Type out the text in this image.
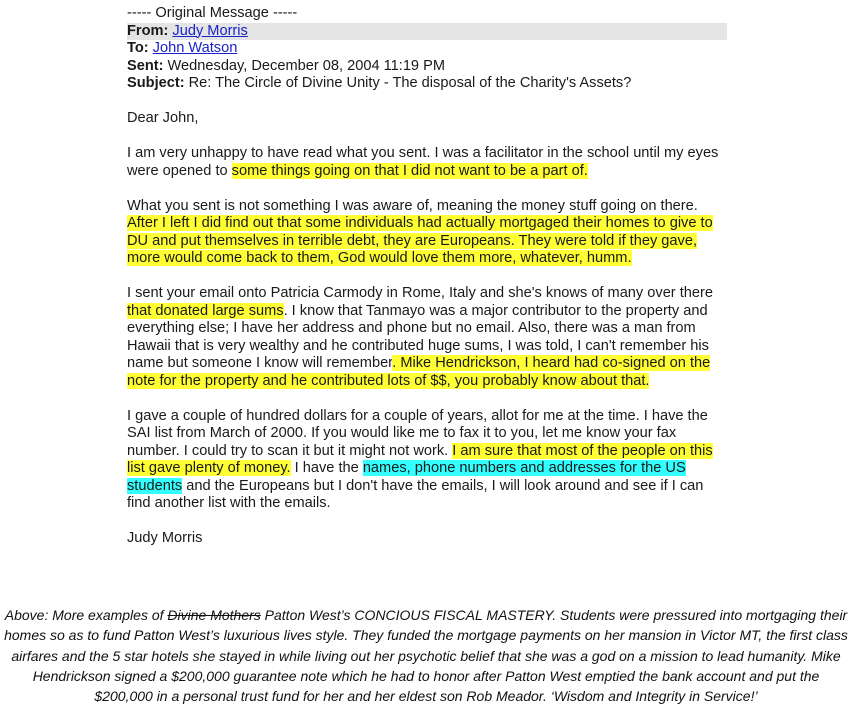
----- Original Message -----
From: Judy Morris
To: John Watson
Sent: Wednesday, December 08, 2004 11:19 PM
Subject: Re: The Circle of Divine Unity - The disposal of the Charity's Assets?

Dear John,

I am very unhappy to have read what you sent. I was a facilitator in the school until my eyes were opened to some things going on that I did not want to be a part of.

What you sent is not something I was aware of, meaning the money stuff going on there. After I left I did find out that some individuals had actually mortgaged their homes to give to DU and put themselves in terrible debt, they are Europeans. They were told if they gave, more would come back to them, God would love them more, whatever, humm.

I sent your email onto Patricia Carmody in Rome, Italy and she's knows of many over there that donated large sums. I know that Tanmayo was a major contributor to the property and everything else; I have her address and phone but no email. Also, there was a man from Hawaii that is very wealthy and he contributed huge sums, I was told, I can't remember his name but someone I know will remember. Mike Hendrickson, I heard had co-signed on the note for the property and he contributed lots of $$, you probably know about that.

I gave a couple of hundred dollars for a couple of years, allot for me at the time. I have the SAI list from March of 2000. If you would like me to fax it to you, let me know your fax number. I could try to scan it but it might not work. I am sure that most of the people on this list gave plenty of money. I have the names, phone numbers and addresses for the US students and the Europeans but I don't have the emails, I will look around and see if I can find another list with the emails.

Judy Morris

Above: More examples of Divine Mothers Patton West’s CONCIOUS FISCAL MASTERY. Students were pressured into mortgaging their homes so as to fund Patton West’s luxurious lives style. They funded the mortgage payments on her mansion in Victor MT, the first class airfares and the 5 star hotels she stayed in while living out her psychotic belief that she was a god on a mission to lead humanity. Mike Hendrickson signed a $200,000 guarantee note which he had to honor after Patton West emptied the bank account and put the $200,000 in a personal trust fund for her and her eldest son Rob Meador. ‘Wisdom and Integrity in Service!’
